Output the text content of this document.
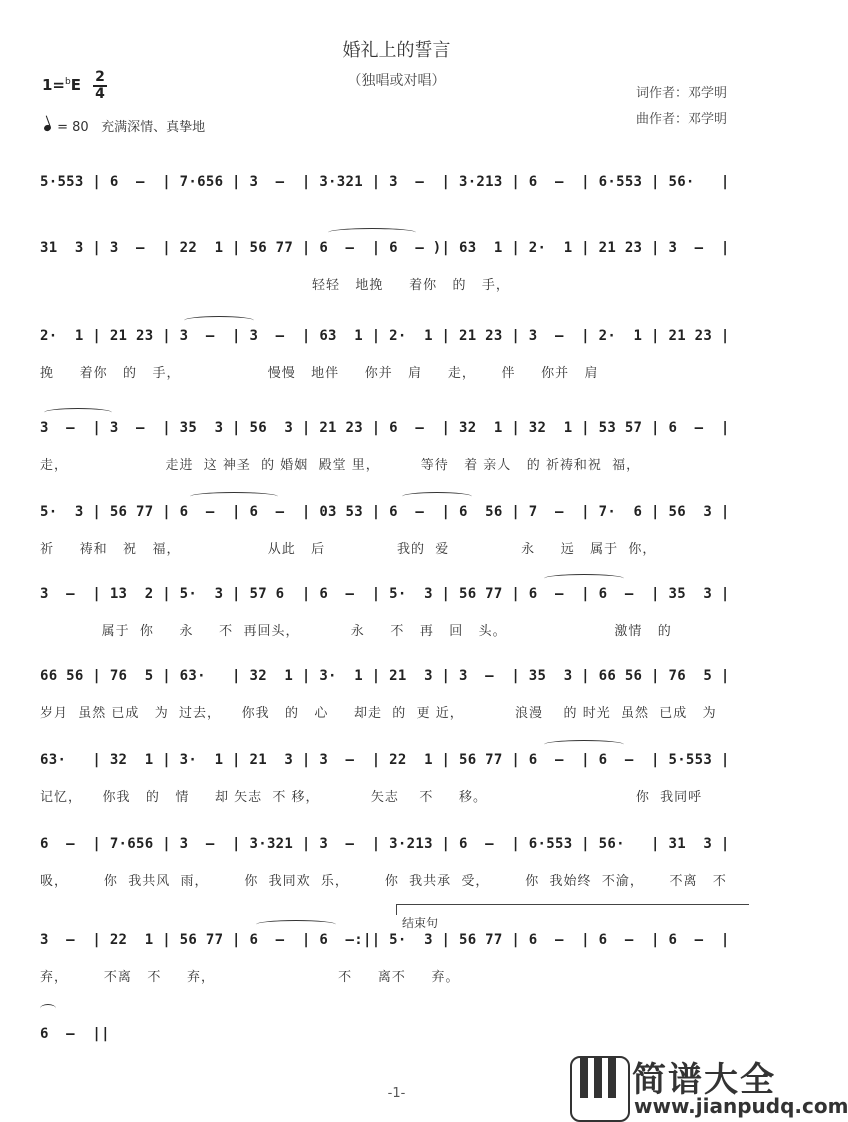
婚礼上的誓言
（独唱或对唱）
1=$^b$E 2
4
= 80 充满深情、真挚地
词作者：邓学明
曲作者：邓学明
5·553 | 6  –  | 7·656 | 3  –  | 3·321 | 3  –  | 3·213 | 6  –  | 6·553 | 56·   |
31  3 | 3  –  | 22  1 | 56 77 | 6  –  | 6  – )| 63  1 | 2·  1 | 21 23 | 3  –  |
轻轻   地挽     着你   的   手，
2·  1 | 21 23 | 3  –  | 3  –  | 63  1 | 2·  1 | 21 23 | 3  –  | 2·  1 | 21 23 |
挽     着你   的   手，                 慢慢   地伴     你并   肩     走，     伴     你并   肩
3  –  | 3  –  | 35  3 | 56  3 | 21 23 | 6  –  | 32  1 | 32  1 | 53 57 | 6  –  |
走，                   走进  这 神圣  的 婚姻  殿堂 里，        等待   着 亲人   的 祈祷和祝  福，
5·  3 | 56 77 | 6  –  | 6  –  | 03 53 | 6  –  | 6  56 | 7  –  | 7·  6 | 56  3 |
祈     祷和   祝   福，                 从此   后              我的  爱              永     远   属于  你，
3  –  | 13  2 | 5·  3 | 57 6  | 6  –  | 5·  3 | 56 77 | 6  –  | 6  –  | 35  3 |
属于  你     永     不  再回头，          永     不   再   回   头。                     激情   的
66 56 | 76  5 | 63·   | 32  1 | 3·  1 | 21  3 | 3  –  | 35  3 | 66 56 | 76  5 |
岁月  虽然 已成   为  过去，    你我   的   心     却走  的  更 近，          浪漫    的 时光  虽然  已成   为
63·   | 32  1 | 3·  1 | 21  3 | 3  –  | 22  1 | 56 77 | 6  –  | 6  –  | 5·553 |
记忆，    你我   的   情     却 矢志  不 移，          矢志    不     移。                             你  我同呼
6  –  | 7·656 | 3  –  | 3·321 | 3  –  | 3·213 | 6  –  | 6·553 | 56·   | 31  3 |
吸，       你  我共风  雨，       你  我同欢  乐，       你  我共承  受，       你  我始终  不渝，     不离   不
结束句
3  –  | 22  1 | 56 77 | 6  –  | 6  –:|| 5·  3 | 56 77 | 6  –  | 6  –  | 6  –  |
弃，       不离   不     弃，                        不     离不     弃。
6  –  ||
-1-	简谱大全
www.jianpudq.com
